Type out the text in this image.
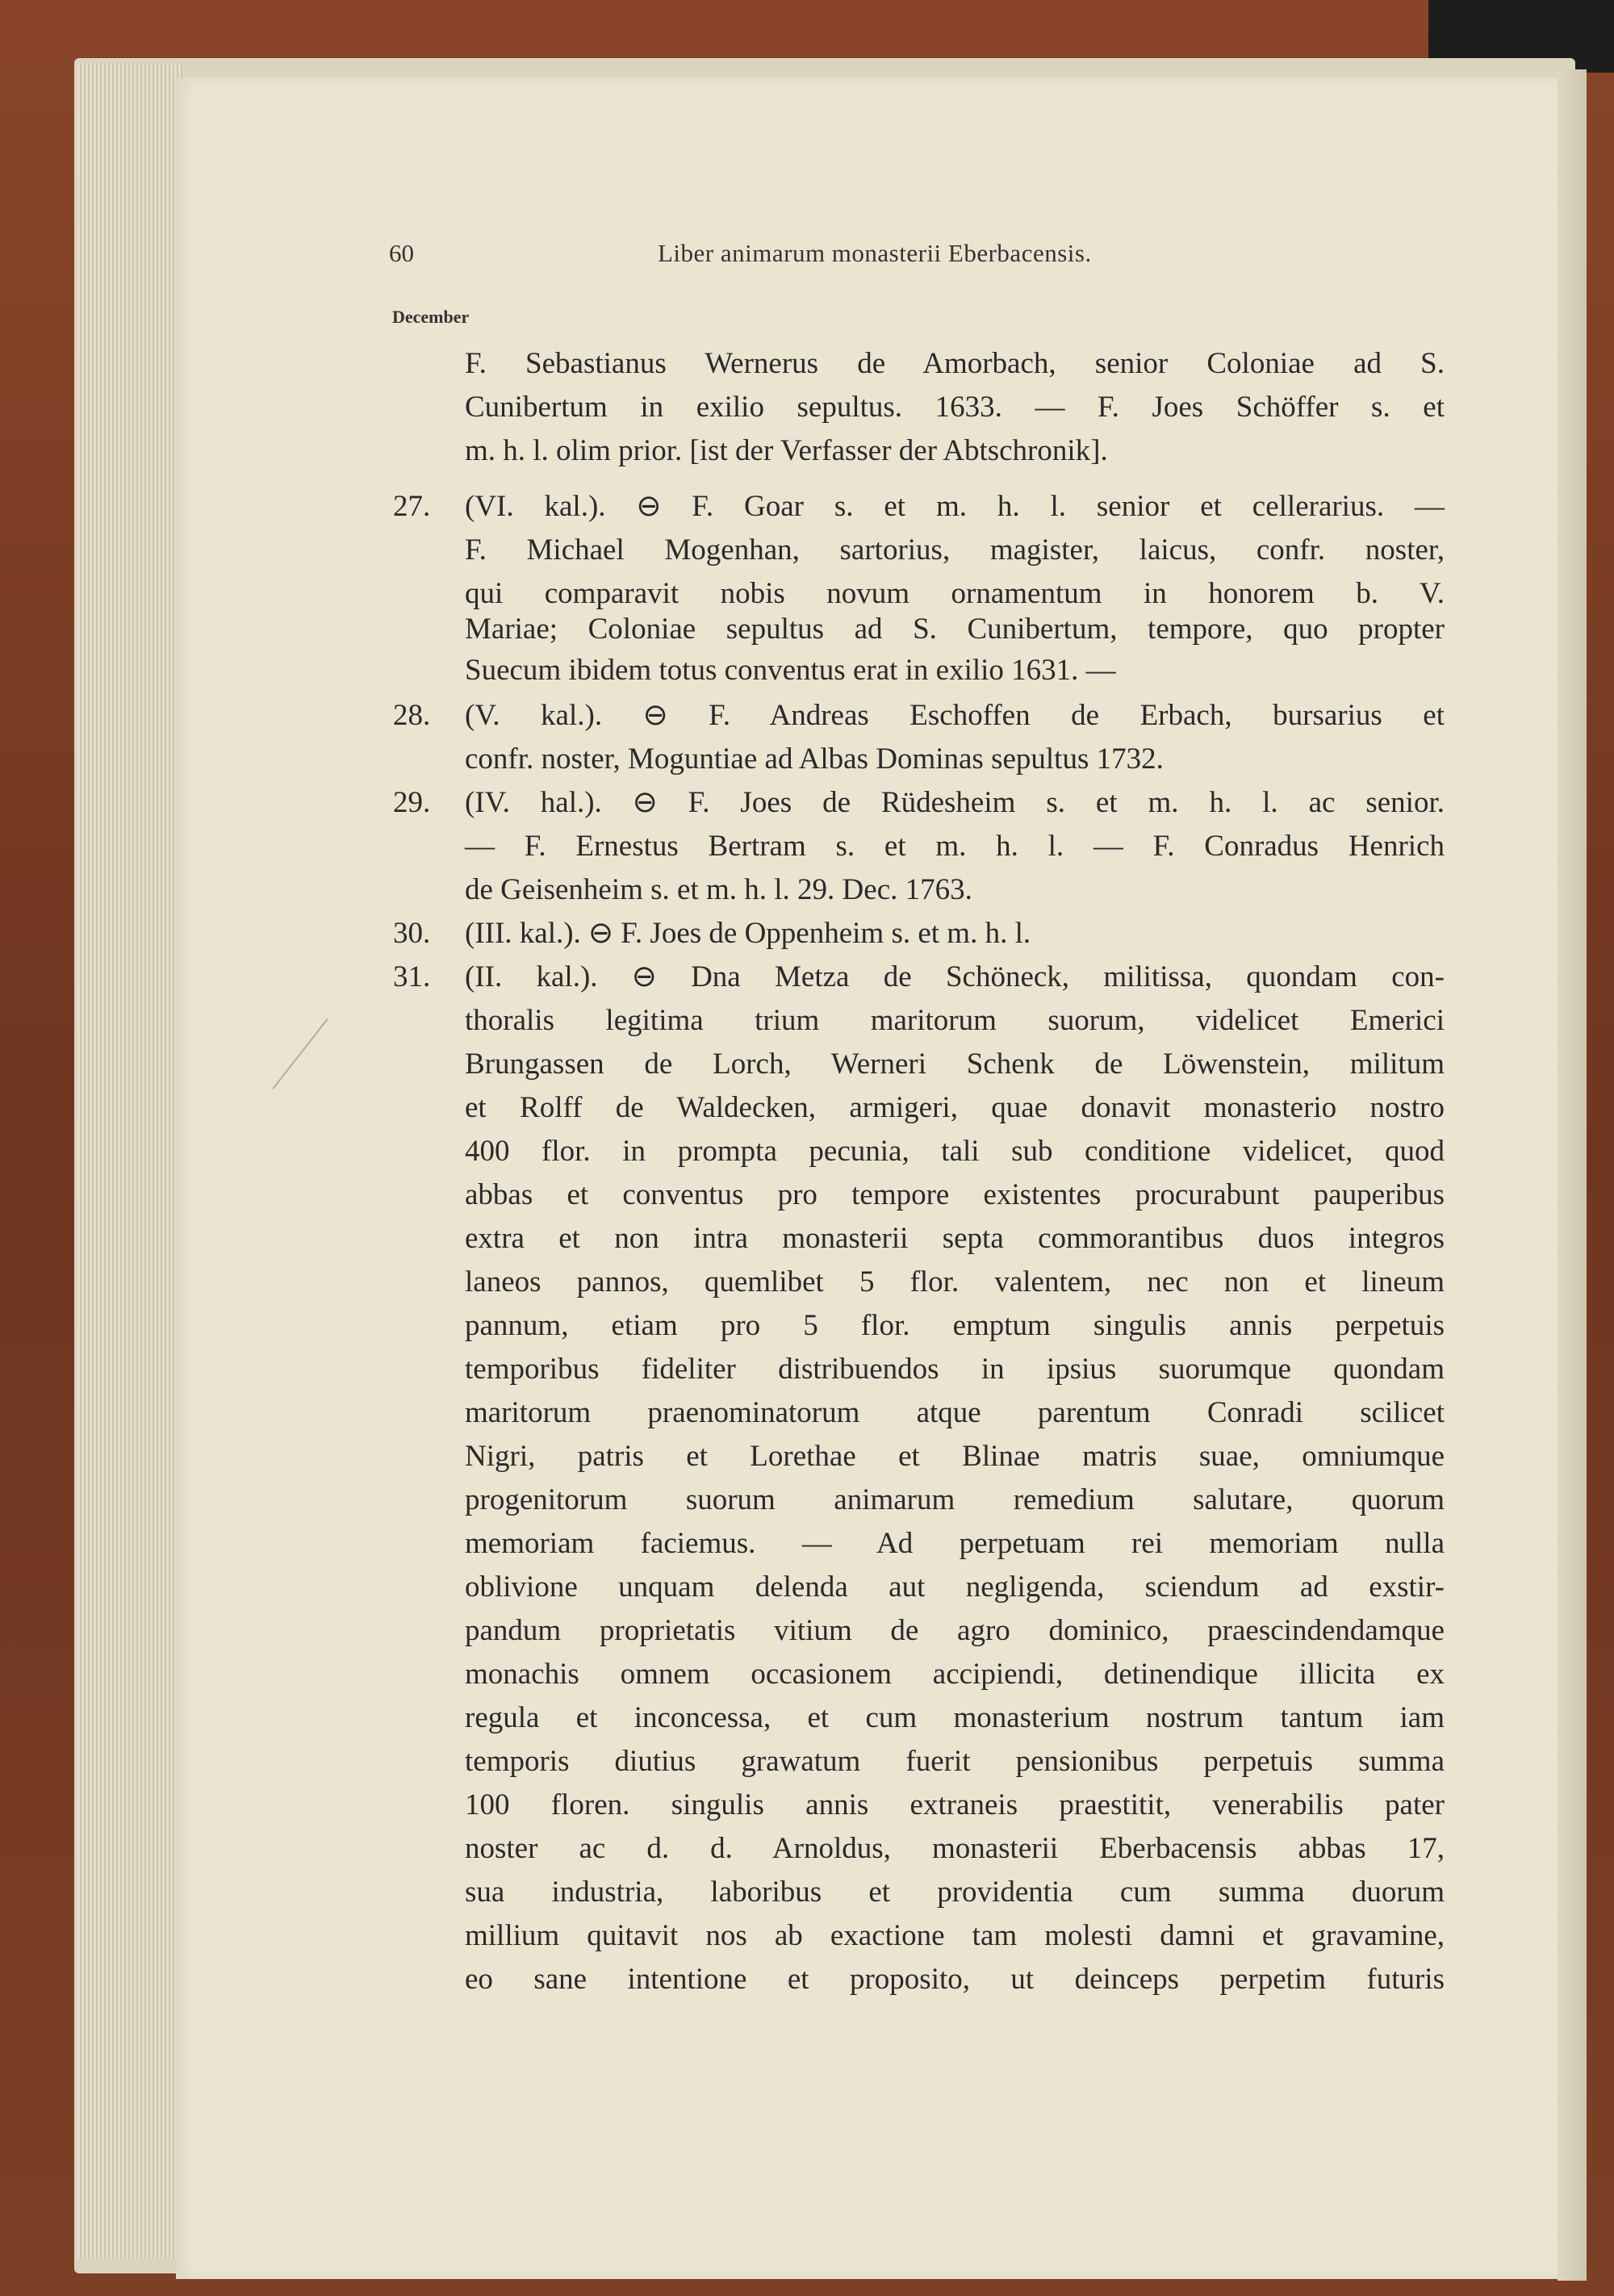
60	Liber animarum monasterii Eberbacensis.
December
27.
28.
29.
30.
31.
F. Sebastianus Wernerus de Amorbach, senior Coloniae ad S.
Cunibertum in exilio sepultus. 1633. — F. Joes Schöffer s. et
m. h. l. olim prior. [ist der Verfasser der Abtschronik].
(VI. kal.). ⊖ F. Goar s. et m. h. l. senior et cellerarius. —
F. Michael Mogenhan, sartorius, magister, laicus, confr. noster,
qui comparavit nobis novum ornamentum in honorem b. V.
Mariae; Coloniae sepultus ad S. Cunibertum, tempore, quo propter
Suecum ibidem totus conventus erat in exilio 1631. —
(V. kal.). ⊖ F. Andreas Eschoffen de Erbach, bursarius et
confr. noster, Moguntiae ad Albas Dominas sepultus 1732.
(IV. hal.). ⊖ F. Joes de Rüdesheim s. et m. h. l. ac senior.
— F. Ernestus Bertram s. et m. h. l. — F. Conradus Henrich
de Geisenheim s. et m. h. l. 29. Dec. 1763.
(III. kal.). ⊖ F. Joes de Oppenheim s. et m. h. l.
(II. kal.). ⊖ Dna Metza de Schöneck, militissa, quondam con-
thoralis legitima trium maritorum suorum, videlicet Emerici
Brungassen de Lorch, Werneri Schenk de Löwenstein, militum
et Rolff de Waldecken, armigeri, quae donavit monasterio nostro
400 flor. in prompta pecunia, tali sub conditione videlicet, quod
abbas et conventus pro tempore existentes procurabunt pauperibus
extra et non intra monasterii septa commorantibus duos integros
laneos pannos, quemlibet 5 flor. valentem, nec non et lineum
pannum, etiam pro 5 flor. emptum singulis annis perpetuis
temporibus fideliter distribuendos in ipsius suorumque quondam
maritorum praenominatorum atque parentum Conradi scilicet
Nigri, patris et Lorethae et Blinae matris suae, omniumque
progenitorum suorum animarum remedium salutare, quorum
memoriam faciemus. — Ad perpetuam rei memoriam nulla
oblivione unquam delenda aut negligenda, sciendum ad exstir-
pandum proprietatis vitium de agro dominico, praescindendamque
monachis omnem occasionem accipiendi, detinendique illicita ex
regula et inconcessa, et cum monasterium nostrum tantum iam
temporis diutius grawatum fuerit pensionibus perpetuis summa
100 floren. singulis annis extraneis praestitit, venerabilis pater
noster ac d. d. Arnoldus, monasterii Eberbacensis abbas 17,
sua industria, laboribus et providentia cum summa duorum
millium quitavit nos ab exactione tam molesti damni et gravamine,
eo sane intentione et proposito, ut deinceps perpetim futuris
